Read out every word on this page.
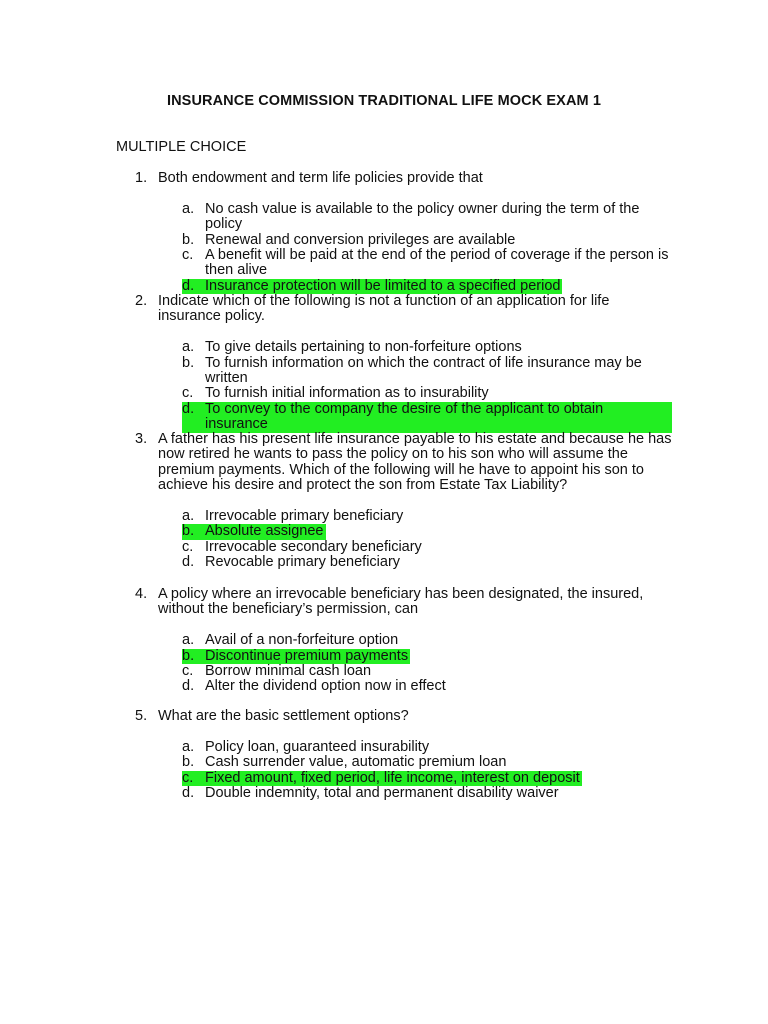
INSURANCE COMMISSION TRADITIONAL LIFE MOCK EXAM 1
MULTIPLE CHOICE
1. Both endowment and term life policies provide that
a. No cash value is available to the policy owner during the term of the policy
b. Renewal and conversion privileges are available
c. A benefit will be paid at the end of the period of coverage if the person is then alive
d. Insurance protection will be limited to a specified period
2. Indicate which of the following is not a function of an application for life insurance policy.
a. To give details pertaining to non-forfeiture options
b. To furnish information on which the contract of life insurance may be written
c. To furnish initial information as to insurability
d. To convey to the company the desire of the applicant to obtain insurance
3. A father has his present life insurance payable to his estate and because he has now retired he wants to pass the policy on to his son who will assume the premium payments. Which of the following will he have to appoint his son to achieve his desire and protect the son from Estate Tax Liability?
a. Irrevocable primary beneficiary
b. Absolute assignee
c. Irrevocable secondary beneficiary
d. Revocable primary beneficiary
4. A policy where an irrevocable beneficiary has been designated, the insured, without the beneficiary’s permission, can
a. Avail of a non-forfeiture option
b. Discontinue premium payments
c. Borrow minimal cash loan
d. Alter the dividend option now in effect
5. What are the basic settlement options?
a. Policy loan, guaranteed insurability
b. Cash surrender value, automatic premium loan
c. Fixed amount, fixed period, life income, interest on deposit
d. Double indemnity, total and permanent disability waiver
